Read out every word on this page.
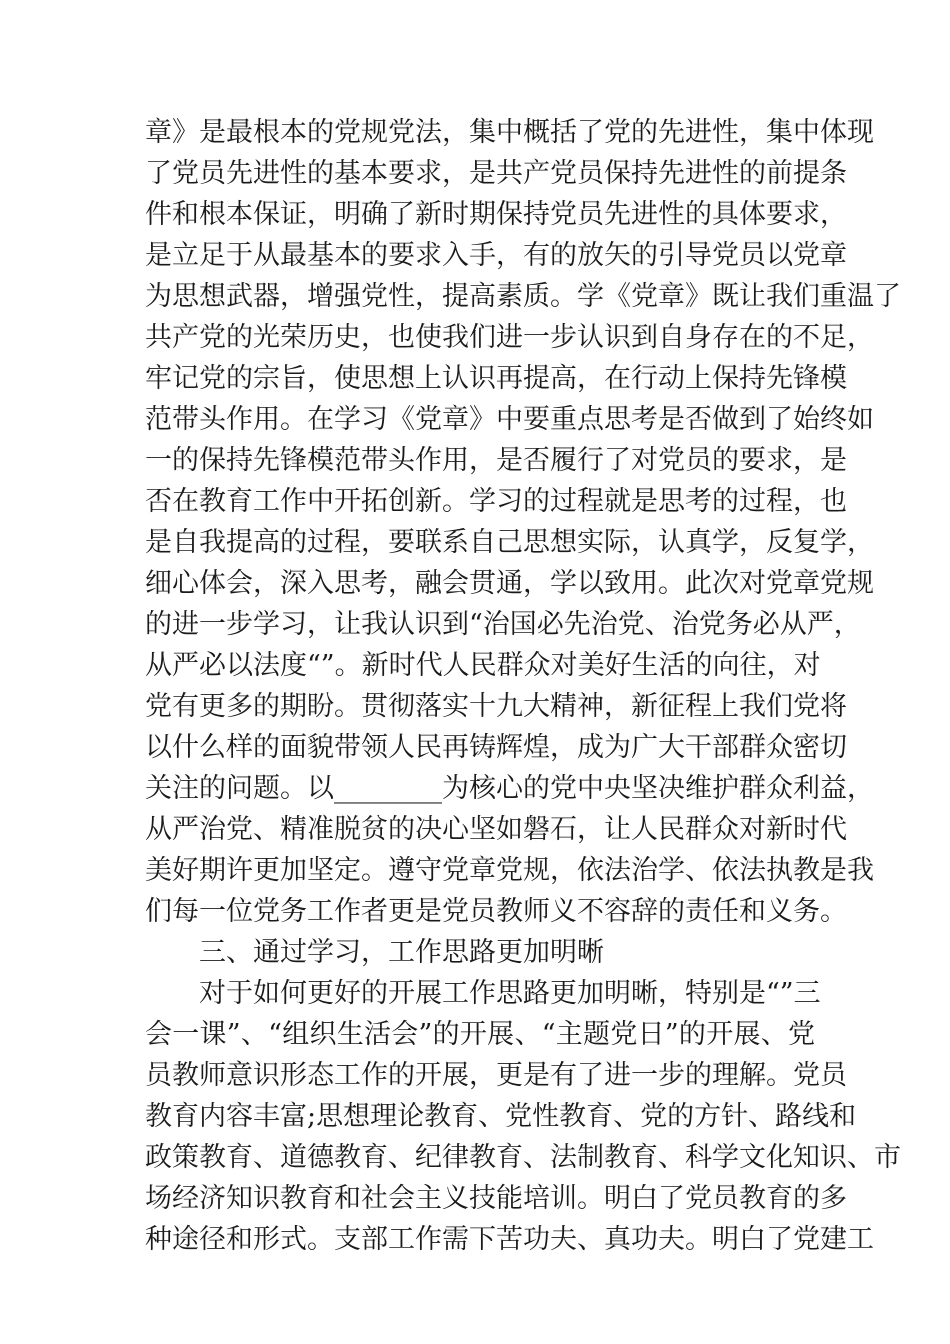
章》是最根本的党规党法，集中概括了党的先进性，集中体现
了党员先进性的基本要求，是共产党员保持先进性的前提条
件和根本保证，明确了新时期保持党员先进性的具体要求，
是立足于从最基本的要求入手，有的放矢的引导党员以党章
为思想武器，增强党性，提高素质。学《党章》既让我们重温了
共产党的光荣历史，也使我们进一步认识到自身存在的不足，
牢记党的宗旨，使思想上认识再提高，在行动上保持先锋模
范带头作用。在学习《党章》中要重点思考是否做到了始终如
一的保持先锋模范带头作用，是否履行了对党员的要求，是
否在教育工作中开拓创新。学习的过程就是思考的过程，也
是自我提高的过程，要联系自己思想实际，认真学，反复学，
细心体会，深入思考，融会贯通，学以致用。此次对党章党规
的进一步学习，让我认识到“治国必先治党、治党务必从严，
从严必以法度“”。新时代人民群众对美好生活的向往，对
党有更多的期盼。贯彻落实十九大精神，新征程上我们党将
以什么样的面貌带领人民再铸辉煌，成为广大干部群众密切
关注的问题。以________为核心的党中央坚决维护群众利益，
从严治党、精准脱贫的决心坚如磐石，让人民群众对新时代
美好期许更加坚定。遵守党章党规，依法治学、依法执教是我
们每一位党务工作者更是党员教师义不容辞的责任和义务。
三、通过学习，工作思路更加明晰
对于如何更好的开展工作思路更加明晰，特别是“”三
会一课”、“组织生活会”的开展、“主题党日”的开展、党
员教师意识形态工作的开展，更是有了进一步的理解。党员
教育内容丰富;思想理论教育、党性教育、党的方针、路线和
政策教育、道德教育、纪律教育、法制教育、科学文化知识、市
场经济知识教育和社会主义技能培训。明白了党员教育的多
种途径和形式。支部工作需下苦功夫、真功夫。明白了党建工
